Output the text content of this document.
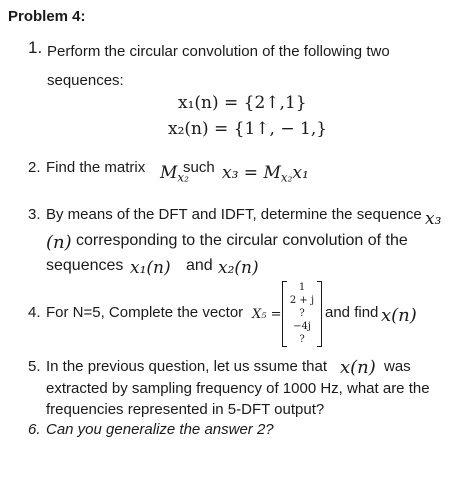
Problem 4:
1. Perform the circular convolution of the following two
sequences:
x₁(n) = {2↑,1}
x₂(n) = {1↑, − 1,}
2. Find the matrix $M_{x_2}$
such $x_3 = M_{x_2}x_1$
3. By means of the DFT and IDFT, determine the sequence x₃
(n) corresponding to the circular convolution of the
sequences x₁(n) and x₂(n)
4. For N=5, Complete the vector X₅ =
1
2 + j
?
−4j
?
and find x(n)
5. In the previous question, let us ssume that x(n) was
extracted by sampling frequency of 1000 Hz, what are the
frequencies represented in 5-DFT output?
6. Can you generalize the answer 2?
